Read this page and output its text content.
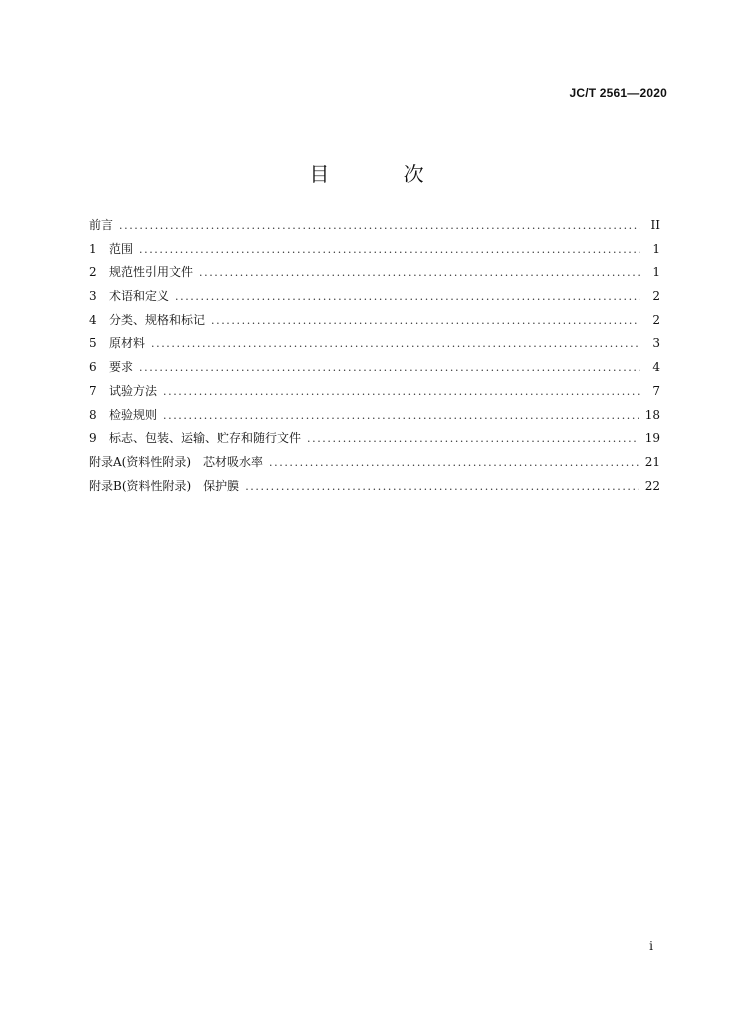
JC/T 2561—2020
目 次
前言 .....	II
1	范围 .....	1
2	规范性引用文件 .....	1
3	术语和定义 .....	2
4	分类、规格和标记 .....	2
5	原材料 .....	3
6	要求 .....	4
7	试验方法 .....	7
8	检验规则 .....	18
9	标志、包装、运输、贮存和随行文件 .....	19
附录A(资料性附录)　芯材吸水率 .....	21
附录B(资料性附录)　保护膜 .....	22
i
